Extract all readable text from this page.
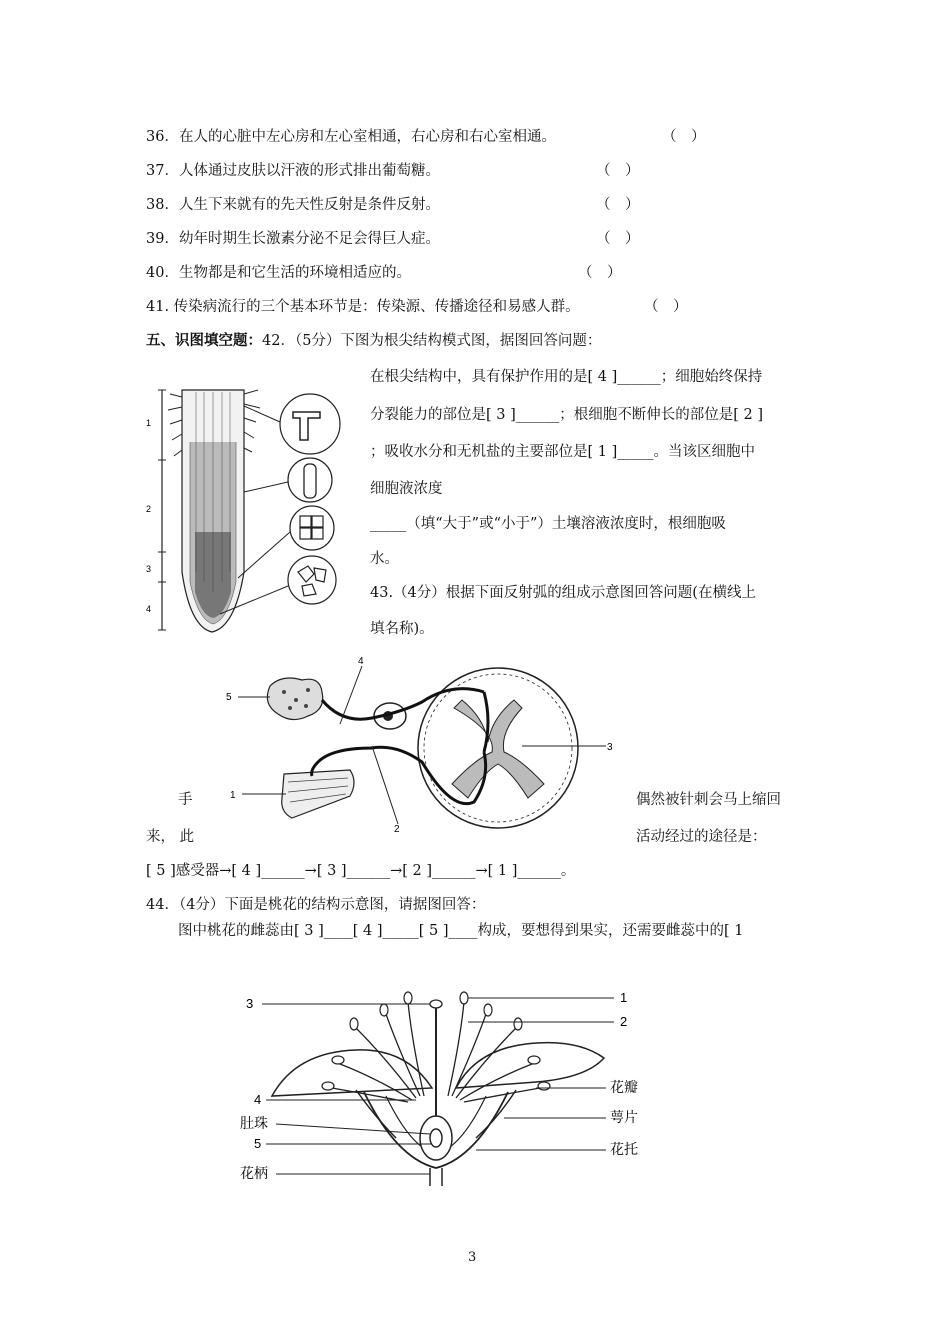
36．在人的心脏中左心房和左心室相通，右心房和右心室相通。	（　）
37．人体通过皮肤以汗液的形式排出葡萄糖。	（　）
38．人生下来就有的先天性反射是条件反射。	（　）
39．幼年时期生长激素分泌不足会得巨人症。	（　）
40．生物都是和它生活的环境相适应的。	（　）
41. 传染病流行的三个基本环节是：传染源、传播途径和易感人群。	（　）
五、识图填空题：42．（5分）下图为根尖结构模式图，据图回答问题：
1
2
3
4
在根尖结构中，具有保护作用的是[ 4 ]______；细胞始终保持
分裂能力的部位是[ 3 ]______；根细胞不断伸长的部位是[ 2 ]
；吸收水分和无机盐的主要部位是[ 1 ]_____。当该区细胞中
细胞液浓度
_____（填“大于”或“小于”）土壤溶液浓度时，根细胞吸
水。
43.（4分）根据下面反射弧的组成示意图回答问题(在横线上
填名称)。
4
5
3
1
2
手	偶然被针刺会马上缩回
来， 此	活动经过的途径是：
[ 5 ]感受器→[ 4 ]______→[ 3 ]______→[ 2 ]______→[ 1 ]______。
44．（4分）下面是桃花的结构示意图，请据图回答：
图中桃花的雌蕊由[ 3 ]____[ 4 ]_____[ 5 ]____构成，要想得到果实，还需要雌蕊中的[ 1
3
4
肚珠
5
花柄
1
2
花瓣
萼片
花托
3
